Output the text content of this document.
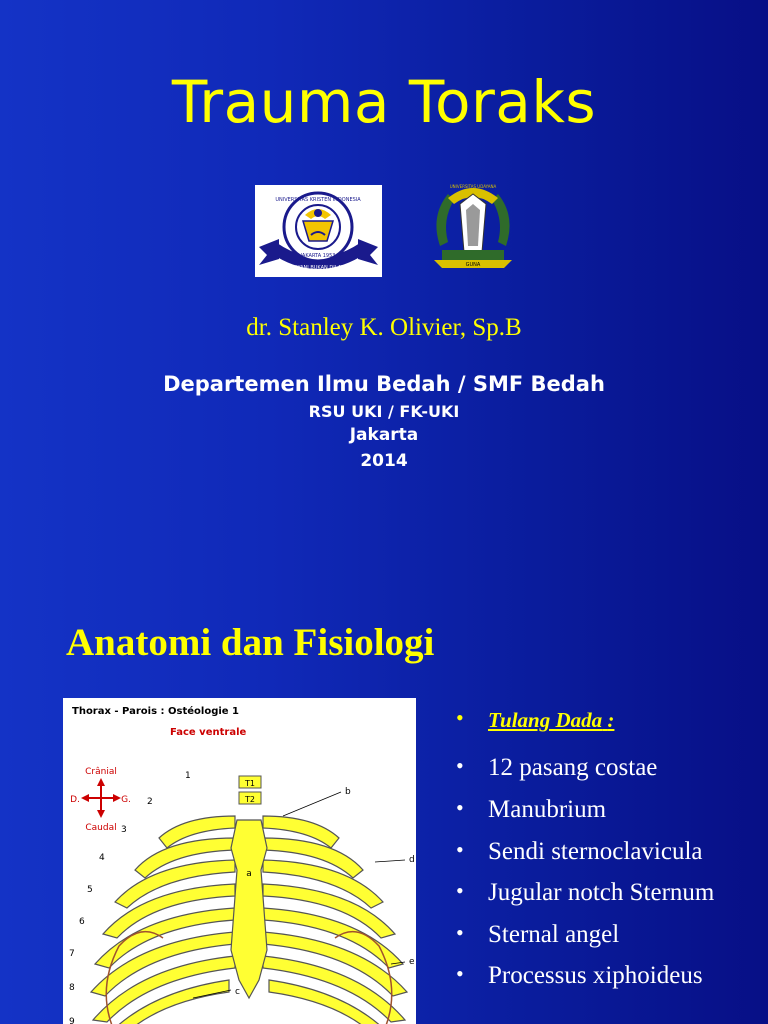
Trauma Toraks
UNIVERSITAS KRISTEN INDONESIA
JAKARTA 1953
MELAYANI BUKAN DILAYANI	GUNA
UNIVERSITAS UDAYANA
dr. Stanley K. Olivier, Sp.B
Departemen Ilmu Bedah / SMF Bedah
RSU UKI / FK-UKI
Jakarta
2014
Anatomi dan Fisiologi
Thorax - Parois : Ostéologie 1
Face ventrale
Crânial
D.	G.
Caudal
T1
T2
1
2
3
4
5
6
7
8
9
a
b
c
d
e
• Tulang Dada :
• 12 pasang costae
• Manubrium
• Sendi sternoclavicula
• Jugular notch Sternum
• Sternal angel
• Processus xiphoideus
